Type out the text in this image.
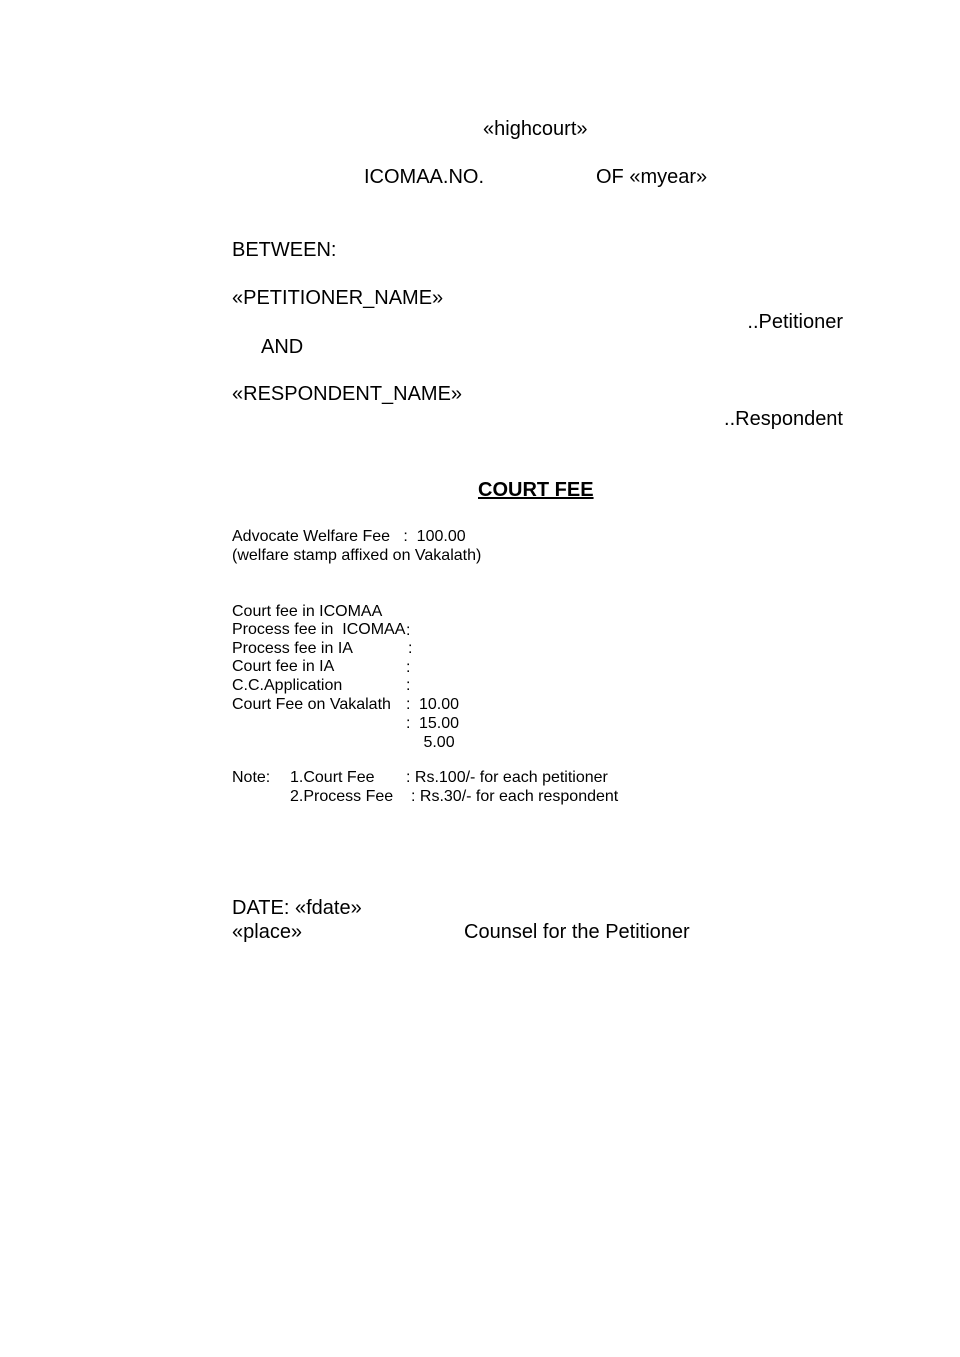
«highcourt»
ICOMAA.NO.	OF «myear»
BETWEEN:
«PETITIONER_NAME»
..Petitioner
AND
«RESPONDENT_NAME»
..Respondent
COURT FEE
Advocate Welfare Fee   :  100.00
(welfare stamp affixed on Vakalath)

Court fee in ICOMAA

:

Process fee in  ICOMAA

:

Process fee in IA

:

Court fee in IA

:

10.00

C.C.Application

:

15.00

Court Fee on Vakalath

:

5.00

Note: 1.Court Fee : Rs.100/- for each petitioner
2.Process Fee : Rs.30/- for each respondent
DATE: «fdate»
«place»	Counsel for the Petitioner
